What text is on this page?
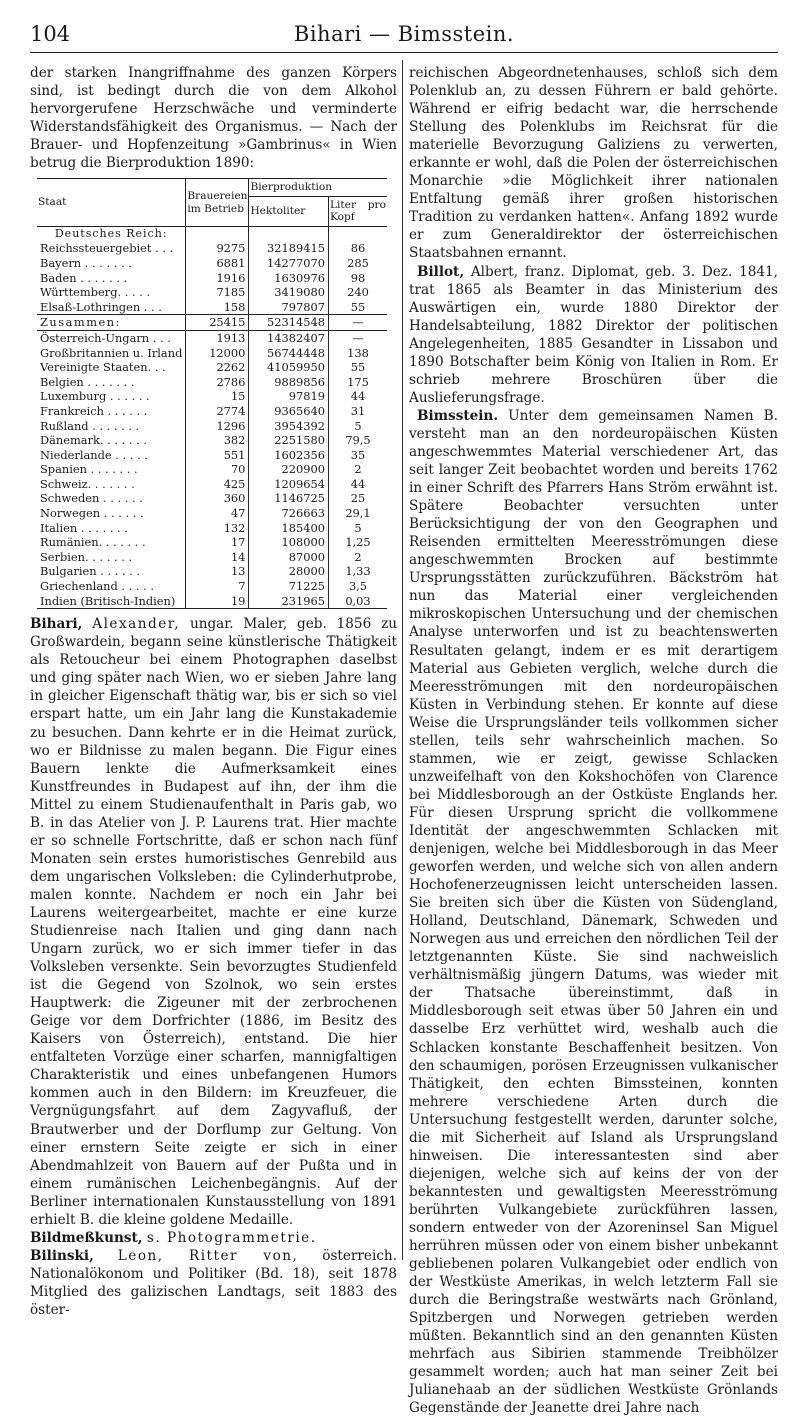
104	Bihari — Bimsstein.

der starken Inangriffnahme des ganzen Körpers sind, ist bedingt durch die von dem Alkohol hervorgerufene Herzschwäche und verminderte Widerstandsfähigkeit des Organismus. — Nach der Brauer- und Hopfenzeitung »Gambrinus« in Wien betrug die Bierproduktion 1890:

Staat	Brauereien im Betrieb	Bierproduktion	
		Hektoliter	Liter pro Kopf
Deutsches Reich:			
Reichssteuergebiet . . .	9275	32189415	86
Bayern . . . . . . .	6881	14277070	285
Baden . . . . . . .	1916	1630976	98
Württemberg. . . . .	7185	3419080	240
Elsaß-Lothringen . . .	158	797807	55
Zusammen:	25415	52314548	—
Österreich-Ungarn . . .	1913	14382407	—
Großbritannien u. Irland	12000	56744448	138
Vereinigte Staaten. . .	2262	41059950	55
Belgien . . . . . . .	2786	9889856	175
Luxemburg . . . . . .	15	97819	44
Frankreich . . . . . .	2774	9365640	31
Rußland . . . . . . .	1296	3954392	5
Dänemark. . . . . . .	382	2251580	79,5
Niederlande . . . . .	551	1602356	35
Spanien . . . . . . .	70	220900	2
Schweiz. . . . . . .	425	1209654	44
Schweden . . . . . .	360	1146725	25
Norwegen . . . . . .	47	726663	29,1
Italien . . . . . . .	132	185400	5
Rumänien. . . . . . .	17	108000	1,25
Serbien. . . . . . .	14	87000	2
Bulgarien . . . . . .	13	28000	1,33
Griechenland . . . . .	7	71225	3,5
Indien (Britisch-Indien)	19	231965	0,03

Bihari, Alexander, ungar. Maler, geb. 1856 zu Großwardein, begann seine künstlerische Thätigkeit als Retoucheur bei einem Photographen daselbst und ging später nach Wien, wo er sieben Jahre lang in gleicher Eigenschaft thätig war, bis er sich so viel erspart hatte, um ein Jahr lang die Kunstakademie zu besuchen. Dann kehrte er in die Heimat zurück, wo er Bildnisse zu malen begann. Die Figur eines Bauern lenkte die Aufmerksamkeit eines Kunstfreundes in Budapest auf ihn, der ihm die Mittel zu einem Studienaufenthalt in Paris gab, wo B. in das Atelier von J. P. Laurens trat. Hier machte er so schnelle Fortschritte, daß er schon nach fünf Monaten sein erstes humoristisches Genrebild aus dem ungarischen Volksleben: die Cylinderhutprobe, malen konnte. Nachdem er noch ein Jahr bei Laurens weitergearbeitet, machte er eine kurze Studienreise nach Italien und ging dann nach Ungarn zurück, wo er sich immer tiefer in das Volksleben versenkte. Sein bevorzugtes Studienfeld ist die Gegend von Szolnok, wo sein erstes Hauptwerk: die Zigeuner mit der zerbrochenen Geige vor dem Dorfrichter (1886, im Besitz des Kaisers von Österreich), entstand. Die hier entfalteten Vorzüge einer scharfen, mannigfaltigen Charakteristik und eines unbefangenen Humors kommen auch in den Bildern: im Kreuzfeuer, die Vergnügungsfahrt auf dem Zagyvafluß, der Brautwerber und der Dorflump zur Geltung. Von einer ernstern Seite zeigte er sich in einer Abendmahlzeit von Bauern auf der Pußta und in einem rumänischen Leichenbegängnis. Auf der Berliner internationalen Kunstausstellung von 1891 erhielt B. die kleine goldene Medaille.

Bildmeßkunst, s. Photogrammetrie.

Bilinski, Leon, Ritter von, österreich. Nationalökonom und Politiker (Bd. 18), seit 1878 Mitglied des galizischen Landtags, seit 1883 des öster-

reichischen Abgeordnetenhauses, schloß sich dem Polenklub an, zu dessen Führern er bald gehörte. Während er eifrig bedacht war, die herrschende Stellung des Polenklubs im Reichsrat für die materielle Bevorzugung Galiziens zu verwerten, erkannte er wohl, daß die Polen der österreichischen Monarchie »die Möglichkeit ihrer nationalen Entfaltung gemäß ihrer großen historischen Tradition zu verdanken hatten«. Anfang 1892 wurde er zum Generaldirektor der österreichischen Staatsbahnen ernannt.

Billot, Albert, franz. Diplomat, geb. 3. Dez. 1841, trat 1865 als Beamter in das Ministerium des Auswärtigen ein, wurde 1880 Direktor der Handelsabteilung, 1882 Direktor der politischen Angelegenheiten, 1885 Gesandter in Lissabon und 1890 Botschafter beim König von Italien in Rom. Er schrieb mehrere Broschüren über die Auslieferungsfrage.

Bimsstein. Unter dem gemeinsamen Namen B. versteht man an den nordeuropäischen Küsten angeschwemmtes Material verschiedener Art, das seit langer Zeit beobachtet worden und bereits 1762 in einer Schrift des Pfarrers Hans Ström erwähnt ist. Spätere Beobachter versuchten unter Berücksichtigung der von den Geographen und Reisenden ermittelten Meeresströmungen diese angeschwemmten Brocken auf bestimmte Ursprungsstätten zurückzuführen. Bäckström hat nun das Material einer vergleichenden mikroskopischen Untersuchung und der chemischen Analyse unterworfen und ist zu beachtenswerten Resultaten gelangt, indem er es mit derartigem Material aus Gebieten verglich, welche durch die Meeresströmungen mit den nordeuropäischen Küsten in Verbindung stehen. Er konnte auf diese Weise die Ursprungsländer teils vollkommen sicher stellen, teils sehr wahrscheinlich machen. So stammen, wie er zeigt, gewisse Schlacken unzweifelhaft von den Kokshochöfen von Clarence bei Middlesborough an der Ostküste Englands her. Für diesen Ursprung spricht die vollkommene Identität der angeschwemmten Schlacken mit denjenigen, welche bei Middlesborough in das Meer geworfen werden, und welche sich von allen andern Hochofenerzeugnissen leicht unterscheiden lassen. Sie breiten sich über die Küsten von Südengland, Holland, Deutschland, Dänemark, Schweden und Norwegen aus und erreichen den nördlichen Teil der letztgenannten Küste. Sie sind nachweislich verhältnismäßig jüngern Datums, was wieder mit der Thatsache übereinstimmt, daß in Middlesborough seit etwas über 50 Jahren ein und dasselbe Erz verhüttet wird, weshalb auch die Schlacken konstante Beschaffenheit besitzen. Von den schaumigen, porösen Erzeugnissen vulkanischer Thätigkeit, den echten Bimssteinen, konnten mehrere verschiedene Arten durch die Untersuchung festgestellt werden, darunter solche, die mit Sicherheit auf Island als Ursprungsland hinweisen. Die interessantesten sind aber diejenigen, welche sich auf keins der von der bekanntesten und gewaltigsten Meeresströmung berührten Vulkangebiete zurückführen lassen, sondern entweder von der Azoreninsel San Miguel herrühren müssen oder von einem bisher unbekannt gebliebenen polaren Vulkangebiet oder endlich von der Westküste Amerikas, in welch letzterm Fall sie durch die Beringstraße westwärts nach Grönland, Spitzbergen und Norwegen getrieben werden müßten. Bekanntlich sind an den genannten Küsten mehrfach aus Sibirien stammende Treibhölzer gesammelt worden; auch hat man seiner Zeit bei Julianehaab an der südlichen Westküste Grönlands Gegenstände der Jeanette drei Jahre nach
